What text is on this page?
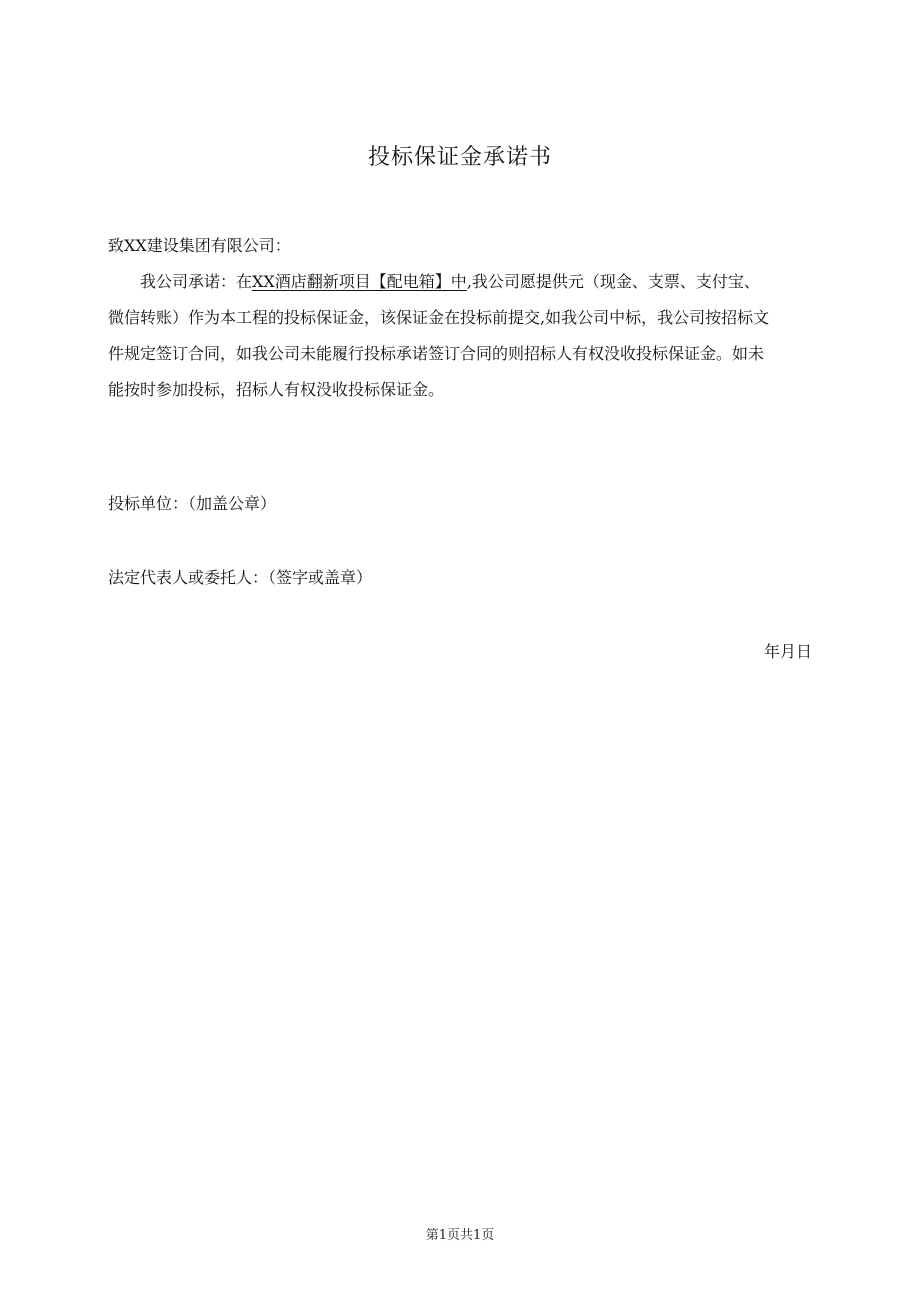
投标保证金承诺书
致XX建设集团有限公司：
我公司承诺：在XX酒店翻新项目【配电箱】中,我公司愿提供元（现金、支票、支付宝、
微信转账）作为本工程的投标保证金，该保证金在投标前提交,如我公司中标，我公司按招标文
件规定签订合同，如我公司未能履行投标承诺签订合同的则招标人有权没收投标保证金。如未
能按时参加投标，招标人有权没收投标保证金。
投标单位：（加盖公章）
法定代表人或委托人：（签字或盖章）
年月日
第1页共1页
